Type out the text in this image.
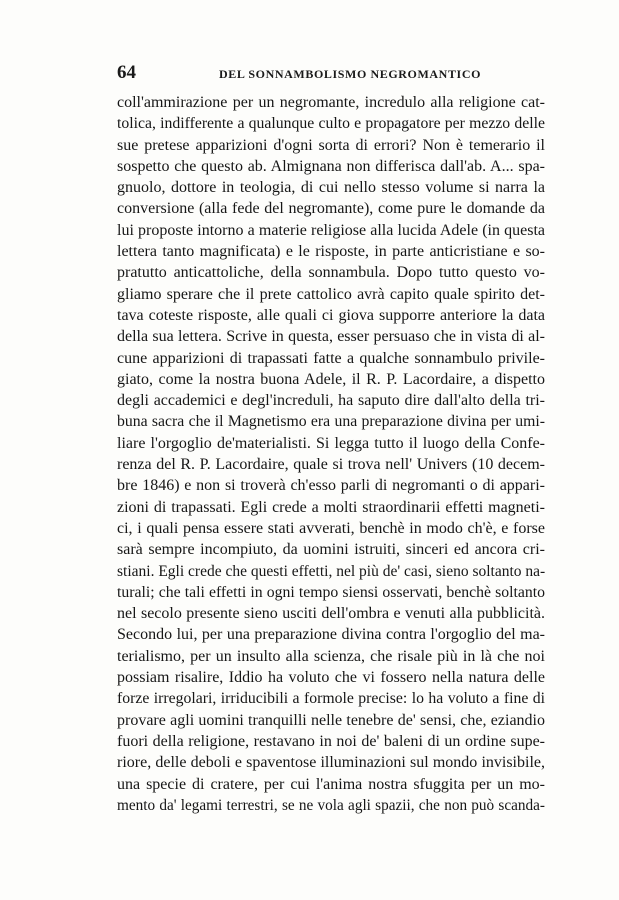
64	DEL SONNAMBOLISMO NEGROMANTICO
coll'ammirazione per un negromante, incredulo alla religione cat-
tolica, indifferente a qualunque culto e propagatore per mezzo delle
sue pretese apparizioni d'ogni sorta di errori? Non è temerario il
sospetto che questo ab. Almignana non differisca dall'ab. A... spa-
gnuolo, dottore in teologia, di cui nello stesso volume si narra la
conversione (alla fede del negromante), come pure le domande da
lui proposte intorno a materie religiose alla lucida Adele (in questa
lettera tanto magnificata) e le risposte, in parte anticristiane e so-
pratutto anticattoliche, della sonnambula. Dopo tutto questo vo-
gliamo sperare che il prete cattolico avrà capito quale spirito det-
tava coteste risposte, alle quali ci giova supporre anteriore la data
della sua lettera. Scrive in questa, esser persuaso che in vista di al-
cune apparizioni di trapassati fatte a qualche sonnambulo privile-
giato, come la nostra buona Adele, il R. P. Lacordaire, a dispetto
degli accademici e degl'increduli, ha saputo dire dall'alto della tri-
buna sacra che il Magnetismo era una preparazione divina per umi-
liare l'orgoglio de'materialisti. Si legga tutto il luogo della Confe-
renza del R. P. Lacordaire, quale si trova nell' Univers (10 decem-
bre 1846) e non si troverà ch'esso parli di negromanti o di appari-
zioni di trapassati. Egli crede a molti straordinarii effetti magneti-
ci, i quali pensa essere stati avverati, benchè in modo ch'è, e forse
sarà sempre incompiuto, da uomini istruiti, sinceri ed ancora cri-
stiani. Egli crede che questi effetti, nel più de' casi, sieno soltanto na-
turali; che tali effetti in ogni tempo siensi osservati, benchè soltanto
nel secolo presente sieno usciti dell'ombra e venuti alla pubblicità.
Secondo lui, per una preparazione divina contra l'orgoglio del ma-
terialismo, per un insulto alla scienza, che risale più in là che noi
possiam risalire, Iddio ha voluto che vi fossero nella natura delle
forze irregolari, irriducibili a formole precise: lo ha voluto a fine di
provare agli uomini tranquilli nelle tenebre de' sensi, che, eziandio
fuori della religione, restavano in noi de' baleni di un ordine supe-
riore, delle deboli e spaventose illuminazioni sul mondo invisibile,
una specie di cratere, per cui l'anima nostra sfuggita per un mo-
mento da' legami terrestri, se ne vola agli spazii, che non può scanda-
